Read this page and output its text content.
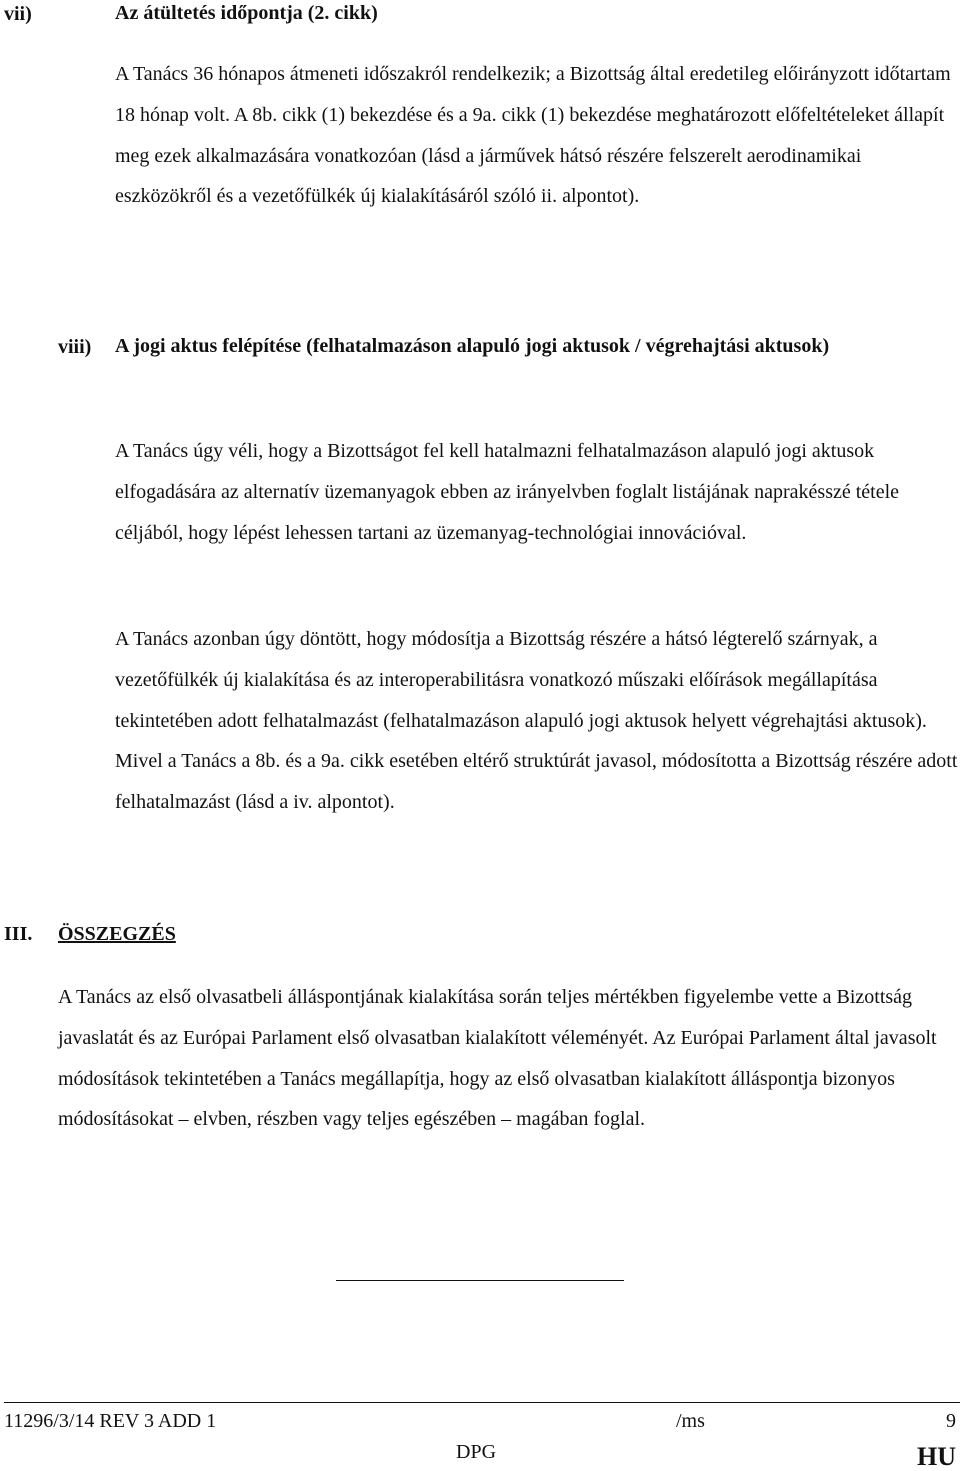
vii)	Az átültetés időpontja (2. cikk)

A Tanács 36 hónapos átmeneti időszakról rendelkezik; a Bizottság által eredetileg előirányzott időtartam 18 hónap volt. A 8b. cikk (1) bekezdése és a 9a. cikk (1) bekezdése meghatározott előfeltételeket állapít meg ezek alkalmazására vonatkozóan (lásd a járművek hátsó részére felszerelt aerodinamikai eszközökről és a vezetőfülkék új kialakításáról szóló ii. alpontot).

viii) A jogi aktus felépítése (felhatalmazáson alapuló jogi aktusok / végrehajtási aktusok)

A Tanács úgy véli, hogy a Bizottságot fel kell hatalmazni felhatalmazáson alapuló jogi aktusok elfogadására az alternatív üzemanyagok ebben az irányelvben foglalt listájának naprakésszé tétele céljából, hogy lépést lehessen tartani az üzemanyag-technológiai innovációval.

A Tanács azonban úgy döntött, hogy módosítja a Bizottság részére a hátsó légterelő szárnyak, a vezetőfülkék új kialakítása és az interoperabilitásra vonatkozó műszaki előírások megállapítása tekintetében adott felhatalmazást (felhatalmazáson alapuló jogi aktusok helyett végrehajtási aktusok). Mivel a Tanács a 8b. és a 9a. cikk esetében eltérő struktúrát javasol, módosította a Bizottság részére adott felhatalmazást (lásd a iv. alpontot).

III. ÖSSZEGZÉS

A Tanács az első olvasatbeli álláspontjának kialakítása során teljes mértékben figyelembe vette a Bizottság javaslatát és az Európai Parlament első olvasatban kialakított véleményét. Az Európai Parlament által javasolt módosítások tekintetében a Tanács megállapítja, hogy az első olvasatban kialakított álláspontja bizonyos módosításokat – elvben, részben vagy teljes egészében – magában foglal.

11296/3/14 REV 3 ADD 1	/ms	9
DPG	HU
